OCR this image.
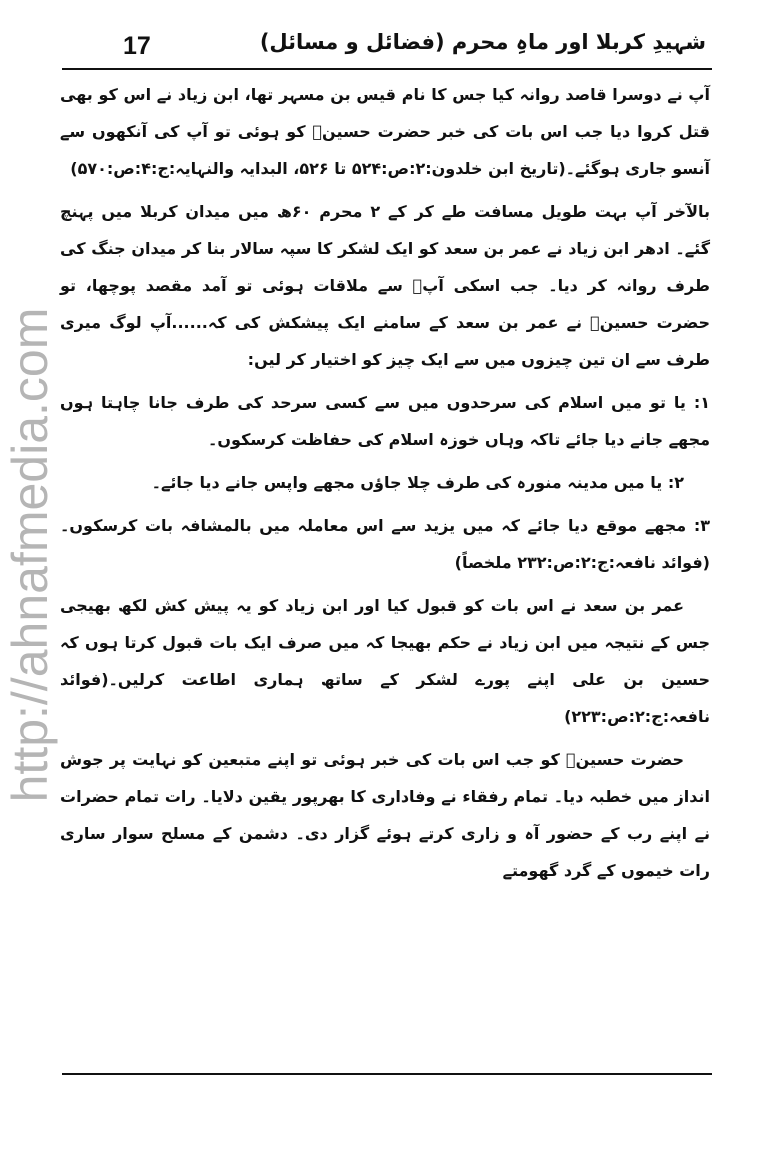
http://ahnafmedia.com
17	شہیدِ کربلا اور ماہِ محرم (فضائل و مسائل)

آپ نے دوسرا قاصد روانہ کیا جس کا نام قیس بن مسہر تھا، ابن زیاد نے اس کو بھی قتل کروا دیا جب اس بات کی خبر حضرت حسینؓ کو ہوئی تو آپ کی آنکھوں سے آنسو جاری ہوگئے۔(تاریخ ابن خلدون:۲:ص:۵۲۴ تا ۵۲۶، البدایہ والنہایہ:ج:۴:ص:۵۷۰)

بالآخر آپ بہت طویل مسافت طے کر کے ۲ محرم ۶۰ھ میں میدان کربلا میں پہنچ گئے۔ ادھر ابن زیاد نے عمر بن سعد کو ایک لشکر کا سپہ سالار بنا کر میدان جنگ کی طرف روانہ کر دیا۔ جب اسکی آپؓ سے ملاقات ہوئی تو آمد مقصد پوچھا، تو حضرت حسینؓ نے عمر بن سعد کے سامنے ایک پیشکش کی کہ......آپ لوگ میری طرف سے ان تین چیزوں میں سے ایک چیز کو اختیار کر لیں:

۱: یا تو میں اسلام کی سرحدوں میں سے کسی سرحد کی طرف جانا چاہتا ہوں مجھے جانے دیا جائے تاکہ وہاں خوزہ اسلام کی حفاظت کرسکوں۔

۲: یا میں مدینہ منورہ کی طرف چلا جاؤں مجھے واپس جانے دیا جائے۔

۳: مجھے موقع دیا جائے کہ میں یزید سے اس معاملہ میں بالمشافہ بات کرسکوں۔(فوائد نافعہ:ج:۲:ص:۲۳۲ ملخصاً)

عمر بن سعد نے اس بات کو قبول کیا اور ابن زیاد کو یہ پیش کش لکھ بھیجی جس کے نتیجہ میں ابن زیاد نے حکم بھیجا کہ میں صرف ایک بات قبول کرتا ہوں کہ حسین بن علی اپنے پورے لشکر کے ساتھ ہماری اطاعت کرلیں۔(فوائد نافعہ:ج:۲:ص:۲۲۳)

حضرت حسینؓ کو جب اس بات کی خبر ہوئی تو اپنے متبعین کو نہایت پر جوش انداز میں خطبہ دیا۔ تمام رفقاء نے وفاداری کا بھرپور یقین دلایا۔ رات تمام حضرات نے اپنے رب کے حضور آہ و زاری کرتے ہوئے گزار دی۔ دشمن کے مسلح سوار ساری رات خیموں کے گرد گھومتے
